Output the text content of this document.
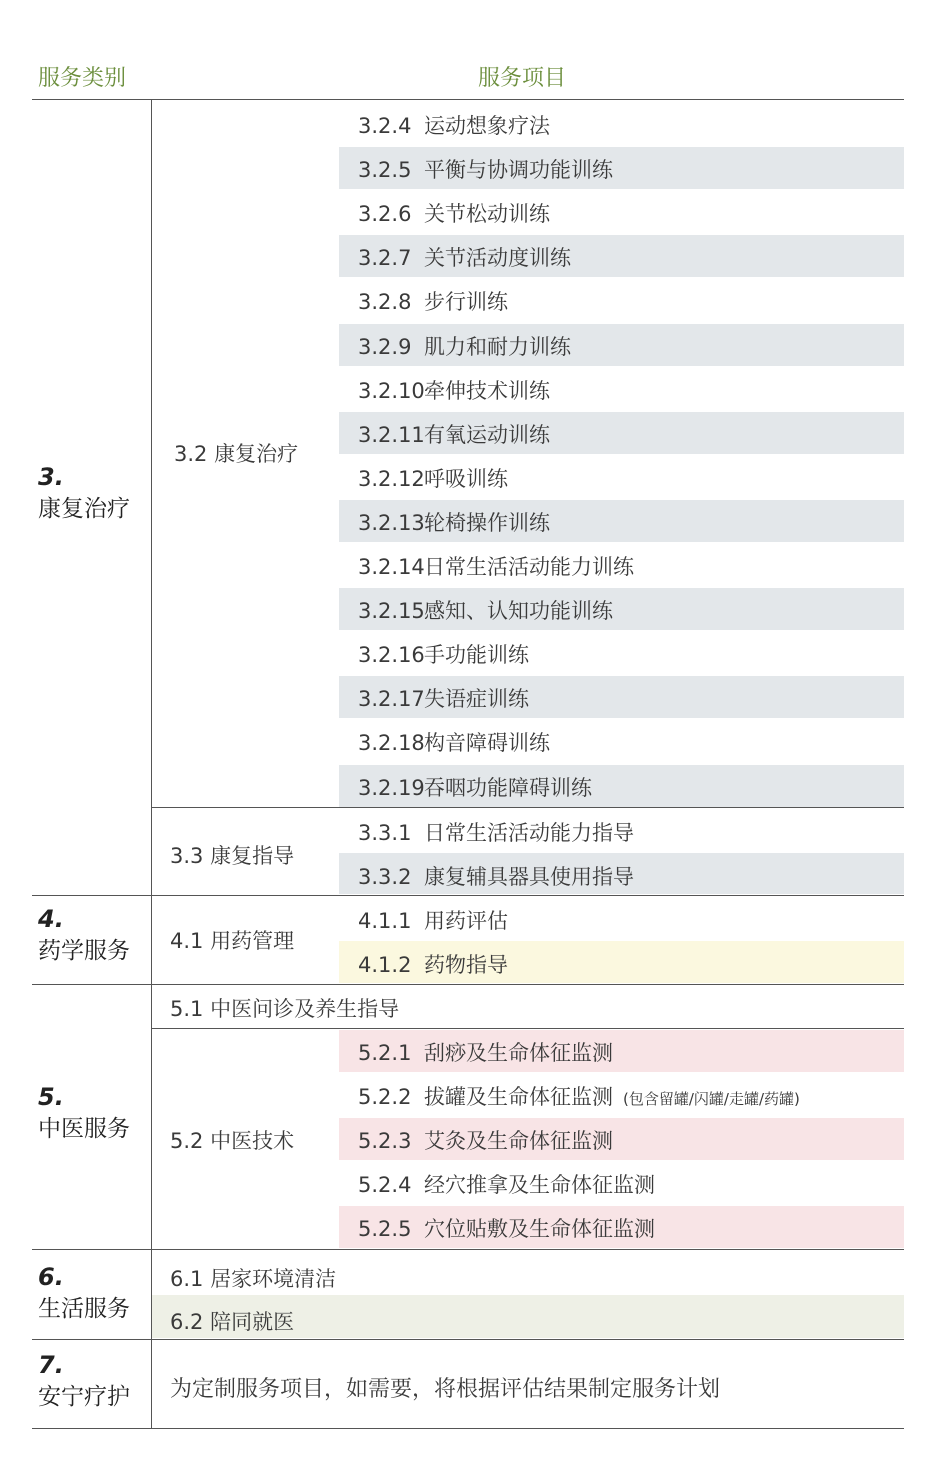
服务类别	服务项目
3.2.4 运动想象疗法
3.2.5 平衡与协调功能训练
3.2.6 关节松动训练
3.2.7 关节活动度训练
3.2.8 步行训练
3.2.9 肌力和耐力训练
3.2.10牵伸技术训练
3.2.11有氧运动训练
3.2.12呼吸训练
3.2.13轮椅操作训练
3.2.14日常生活活动能力训练
3.2.15感知、认知功能训练
3.2.16手功能训练
3.2.17失语症训练
3.2.18构音障碍训练
3.2.19吞咽功能障碍训练
3.3.1 日常生活活动能力指导
3.3.2 康复辅具器具使用指导
4.1.1 用药评估
4.1.2 药物指导
5.2.1 刮痧及生命体征监测
5.2.2 拔罐及生命体征监测 (包含留罐/闪罐/走罐/药罐)
5.2.3 艾灸及生命体征监测
5.2.4 经穴推拿及生命体征监测
5.2.5 穴位贴敷及生命体征监测
3.
康复治疗
4.
药学服务
5.
中医服务
6.
生活服务
7.
安宁疗护
3.2 康复治疗
3.3 康复指导
4.1 用药管理
5.1 中医问诊及养生指导
5.2 中医技术
6.1 居家环境清洁
6.2 陪同就医
为定制服务项目，如需要，将根据评估结果制定服务计划
